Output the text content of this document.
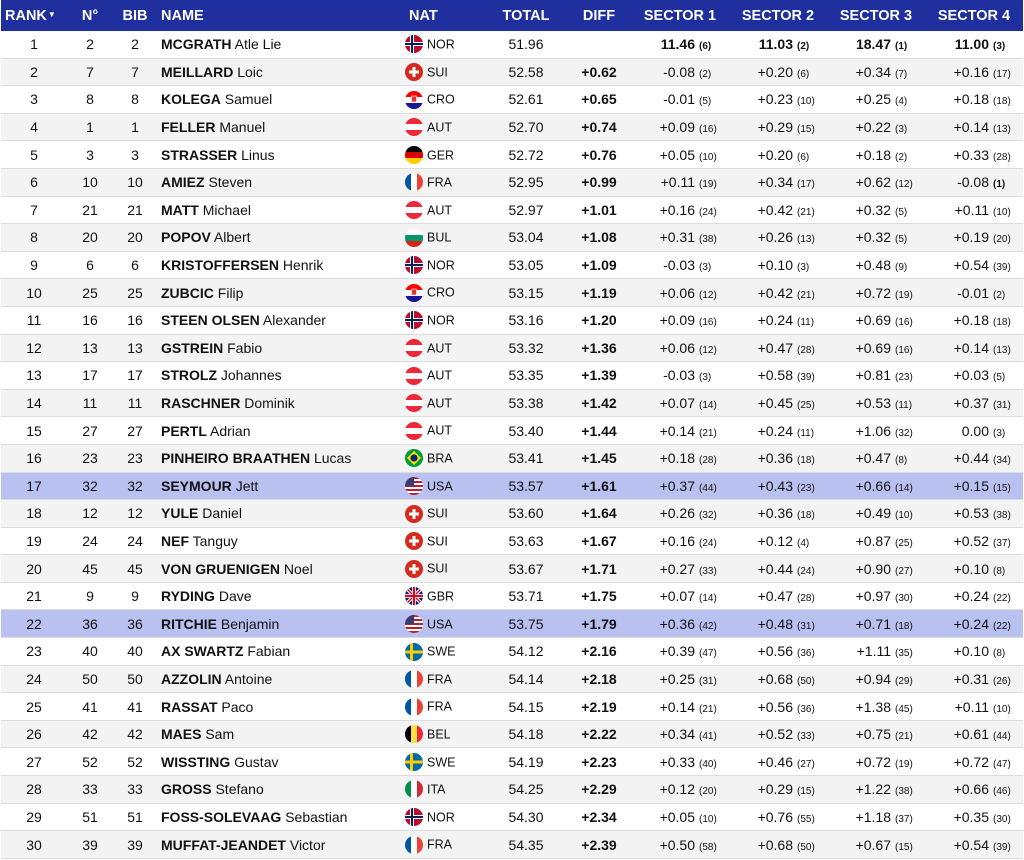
RANK▼	N°	BIB	NAME	NAT	TOTAL	DIFF	SECTOR 1	SECTOR 2	SECTOR 3	SECTOR 4
1	2	2	MCGRATH Atle Lie	NOR	51.96		11.46 (6)	11.03 (2)	18.47 (1)	11.00 (3)
2	7	7	MEILLARD Loic	SUI	52.58	+0.62	-0.08 (2)	+0.20 (6)	+0.34 (7)	+0.16 (17)
3	8	8	KOLEGA Samuel	CRO	52.61	+0.65	-0.01 (5)	+0.23 (10)	+0.25 (4)	+0.18 (18)
4	1	1	FELLER Manuel	AUT	52.70	+0.74	+0.09 (16)	+0.29 (15)	+0.22 (3)	+0.14 (13)
5	3	3	STRASSER Linus	GER	52.72	+0.76	+0.05 (10)	+0.20 (6)	+0.18 (2)	+0.33 (28)
6	10	10	AMIEZ Steven	FRA	52.95	+0.99	+0.11 (19)	+0.34 (17)	+0.62 (12)	-0.08 (1)
7	21	21	MATT Michael	AUT	52.97	+1.01	+0.16 (24)	+0.42 (21)	+0.32 (5)	+0.11 (10)
8	20	20	POPOV Albert	BUL	53.04	+1.08	+0.31 (38)	+0.26 (13)	+0.32 (5)	+0.19 (20)
9	6	6	KRISTOFFERSEN Henrik	NOR	53.05	+1.09	-0.03 (3)	+0.10 (3)	+0.48 (9)	+0.54 (39)
10	25	25	ZUBCIC Filip	CRO	53.15	+1.19	+0.06 (12)	+0.42 (21)	+0.72 (19)	-0.01 (2)
11	16	16	STEEN OLSEN Alexander	NOR	53.16	+1.20	+0.09 (16)	+0.24 (11)	+0.69 (16)	+0.18 (18)
12	13	13	GSTREIN Fabio	AUT	53.32	+1.36	+0.06 (12)	+0.47 (28)	+0.69 (16)	+0.14 (13)
13	17	17	STROLZ Johannes	AUT	53.35	+1.39	-0.03 (3)	+0.58 (39)	+0.81 (23)	+0.03 (5)
14	11	11	RASCHNER Dominik	AUT	53.38	+1.42	+0.07 (14)	+0.45 (25)	+0.53 (11)	+0.37 (31)
15	27	27	PERTL Adrian	AUT	53.40	+1.44	+0.14 (21)	+0.24 (11)	+1.06 (32)	0.00 (3)
16	23	23	PINHEIRO BRAATHEN Lucas	BRA	53.41	+1.45	+0.18 (28)	+0.36 (18)	+0.47 (8)	+0.44 (34)
17	32	32	SEYMOUR Jett	USA	53.57	+1.61	+0.37 (44)	+0.43 (23)	+0.66 (14)	+0.15 (15)
18	12	12	YULE Daniel	SUI	53.60	+1.64	+0.26 (32)	+0.36 (18)	+0.49 (10)	+0.53 (38)
19	24	24	NEF Tanguy	SUI	53.63	+1.67	+0.16 (24)	+0.12 (4)	+0.87 (25)	+0.52 (37)
20	45	45	VON GRUENIGEN Noel	SUI	53.67	+1.71	+0.27 (33)	+0.44 (24)	+0.90 (27)	+0.10 (8)
21	9	9	RYDING Dave	GBR	53.71	+1.75	+0.07 (14)	+0.47 (28)	+0.97 (30)	+0.24 (22)
22	36	36	RITCHIE Benjamin	USA	53.75	+1.79	+0.36 (42)	+0.48 (31)	+0.71 (18)	+0.24 (22)
23	40	40	AX SWARTZ Fabian	SWE	54.12	+2.16	+0.39 (47)	+0.56 (36)	+1.11 (35)	+0.10 (8)
24	50	50	AZZOLIN Antoine	FRA	54.14	+2.18	+0.25 (31)	+0.68 (50)	+0.94 (29)	+0.31 (26)
25	41	41	RASSAT Paco	FRA	54.15	+2.19	+0.14 (21)	+0.56 (36)	+1.38 (45)	+0.11 (10)
26	42	42	MAES Sam	BEL	54.18	+2.22	+0.34 (41)	+0.52 (33)	+0.75 (21)	+0.61 (44)
27	52	52	WISSTING Gustav	SWE	54.19	+2.23	+0.33 (40)	+0.46 (27)	+0.72 (19)	+0.72 (47)
28	33	33	GROSS Stefano	ITA	54.25	+2.29	+0.12 (20)	+0.29 (15)	+1.22 (38)	+0.66 (46)
29	51	51	FOSS-SOLEVAAG Sebastian	NOR	54.30	+2.34	+0.05 (10)	+0.76 (55)	+1.18 (37)	+0.35 (30)
30	39	39	MUFFAT-JEANDET Victor	FRA	54.35	+2.39	+0.50 (58)	+0.68 (50)	+0.67 (15)	+0.54 (39)
